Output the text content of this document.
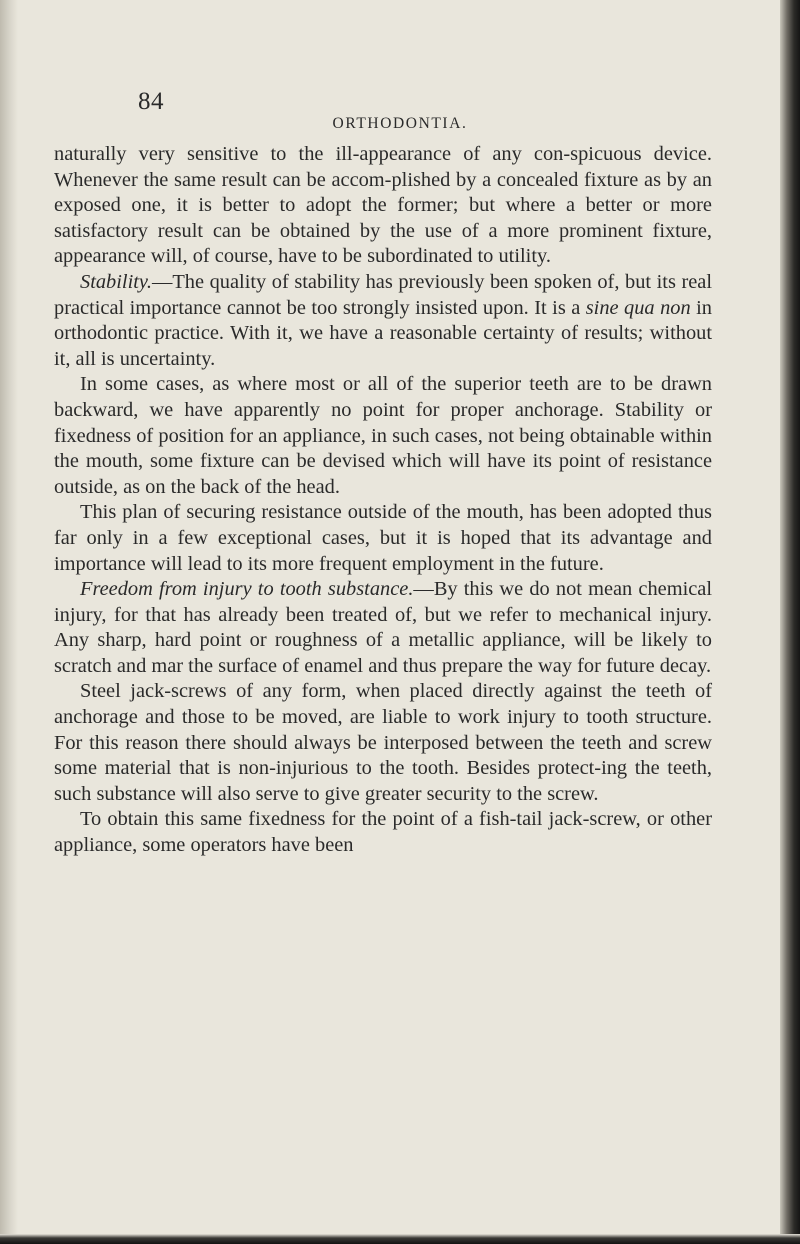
84
ORTHODONTIA.

naturally very sensitive to the ill-appearance of any con-spicuous device. Whenever the same result can be accom-plished by a concealed fixture as by an exposed one, it is better to adopt the former; but where a better or more satisfactory result can be obtained by the use of a more prominent fixture, appearance will, of course, have to be subordinated to utility.

Stability.—The quality of stability has previously been spoken of, but its real practical importance cannot be too strongly insisted upon. It is a sine qua non in orthodontic practice. With it, we have a reasonable certainty of results; without it, all is uncertainty.

In some cases, as where most or all of the superior teeth are to be drawn backward, we have apparently no point for proper anchorage. Stability or fixedness of position for an appliance, in such cases, not being obtainable within the mouth, some fixture can be devised which will have its point of resistance outside, as on the back of the head.

This plan of securing resistance outside of the mouth, has been adopted thus far only in a few exceptional cases, but it is hoped that its advantage and importance will lead to its more frequent employment in the future.

Freedom from injury to tooth substance.—By this we do not mean chemical injury, for that has already been treated of, but we refer to mechanical injury. Any sharp, hard point or roughness of a metallic appliance, will be likely to scratch and mar the surface of enamel and thus prepare the way for future decay.

Steel jack-screws of any form, when placed directly against the teeth of anchorage and those to be moved, are liable to work injury to tooth structure. For this reason there should always be interposed between the teeth and screw some material that is non-injurious to the tooth. Besides protect-ing the teeth, such substance will also serve to give greater security to the screw.

To obtain this same fixedness for the point of a fish-tail jack-screw, or other appliance, some operators have been
